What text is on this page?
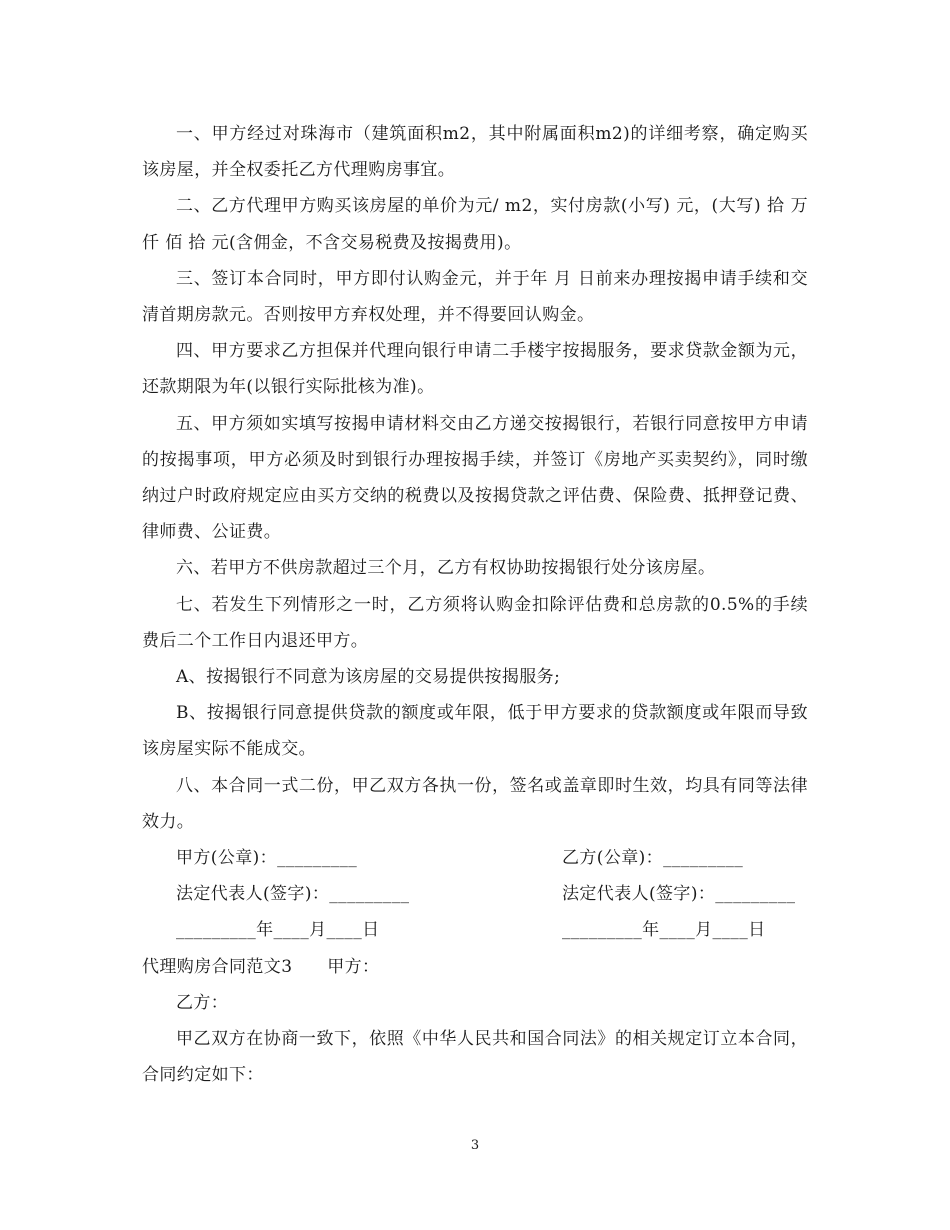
一、甲方经过对珠海市（建筑面积m2，其中附属面积m2)的详细考察，确定购买该房屋，并全权委托乙方代理购房事宜。

二、乙方代理甲方购买该房屋的单价为元/ m2，实付房款(小写) 元，(大写) 拾 万 仟 佰 拾 元(含佣金，不含交易税费及按揭费用)。

三、签订本合同时，甲方即付认购金元，并于年 月 日前来办理按揭申请手续和交清首期房款元。否则按甲方弃权处理，并不得要回认购金。

四、甲方要求乙方担保并代理向银行申请二手楼宇按揭服务，要求贷款金额为元，还款期限为年(以银行实际批核为准)。

五、甲方须如实填写按揭申请材料交由乙方递交按揭银行，若银行同意按甲方申请的按揭事项，甲方必须及时到银行办理按揭手续，并签订《房地产买卖契约》，同时缴纳过户时政府规定应由买方交纳的税费以及按揭贷款之评估费、保险费、抵押登记费、律师费、公证费。

六、若甲方不供房款超过三个月，乙方有权协助按揭银行处分该房屋。

七、若发生下列情形之一时，乙方须将认购金扣除评估费和总房款的0.5%的手续费后二个工作日内退还甲方。

A、按揭银行不同意为该房屋的交易提供按揭服务;

B、按揭银行同意提供贷款的额度或年限，低于甲方要求的贷款额度或年限而导致该房屋实际不能成交。

八、本合同一式二份，甲乙双方各执一份，签名或盖章即时生效，均具有同等法律效力。

甲方(公章)：_________	乙方(公章)：_________
法定代表人(签字)：_________	法定代表人(签字)：_________
_________年____月____日	_________年____月____日

代理购房合同范文3　　甲方：

乙方：

甲乙双方在协商一致下，依照《中华人民共和国合同法》的相关规定订立本合同，合同约定如下：

3
